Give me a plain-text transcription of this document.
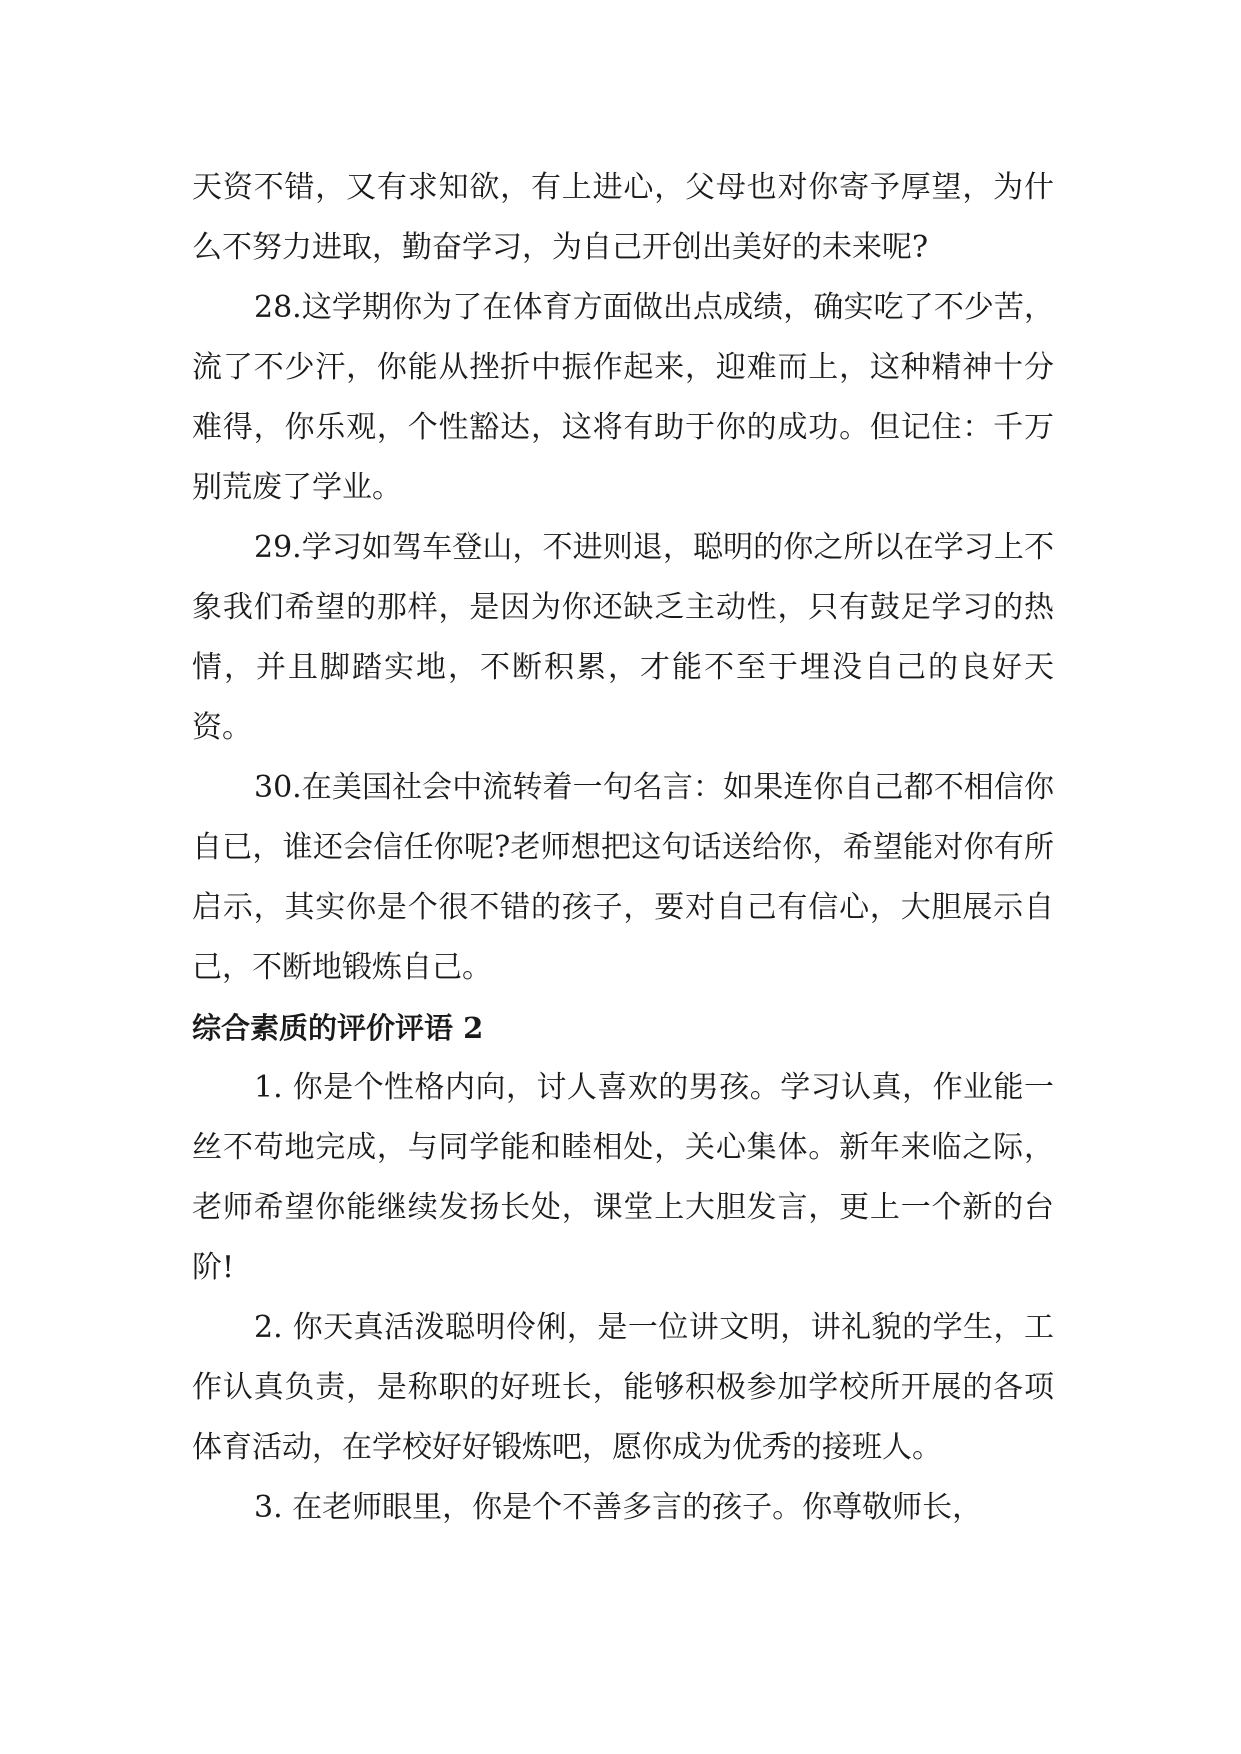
天资不错，又有求知欲，有上进心，父母也对你寄予厚望，为什么不努力进取，勤奋学习，为自己开创出美好的未来呢?

28.这学期你为了在体育方面做出点成绩，确实吃了不少苦，流了不少汗，你能从挫折中振作起来，迎难而上，这种精神十分难得，你乐观，个性豁达，这将有助于你的成功。但记住：千万别荒废了学业。

29.学习如驾车登山，不进则退，聪明的你之所以在学习上不象我们希望的那样，是因为你还缺乏主动性，只有鼓足学习的热情，并且脚踏实地，不断积累，才能不至于埋没自己的良好天资。

30.在美国社会中流转着一句名言：如果连你自己都不相信你自已，谁还会信任你呢?老师想把这句话送给你，希望能对你有所启示，其实你是个很不错的孩子，要对自己有信心，大胆展示自己，不断地锻炼自己。

综合素质的评价评语 2

1. 你是个性格内向，讨人喜欢的男孩。学习认真，作业能一丝不苟地完成，与同学能和睦相处，关心集体。新年来临之际，老师希望你能继续发扬长处，课堂上大胆发言，更上一个新的台阶!

2. 你天真活泼聪明伶俐，是一位讲文明，讲礼貌的学生，工作认真负责，是称职的好班长，能够积极参加学校所开展的各项体育活动，在学校好好锻炼吧，愿你成为优秀的接班人。

3. 在老师眼里，你是个不善多言的孩子。你尊敬师长，
